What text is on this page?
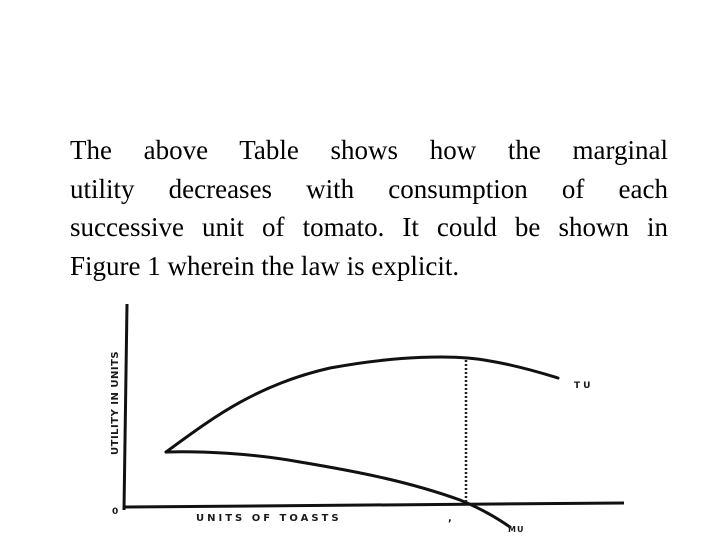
The above Table shows how the marginal
utility decreases with consumption of each
successive unit of tomato. It could be shown in
Figure 1 wherein the law is explicit.

0
UTILITY IN UNITS
UNITS OF TOASTS	,
TU
MU
